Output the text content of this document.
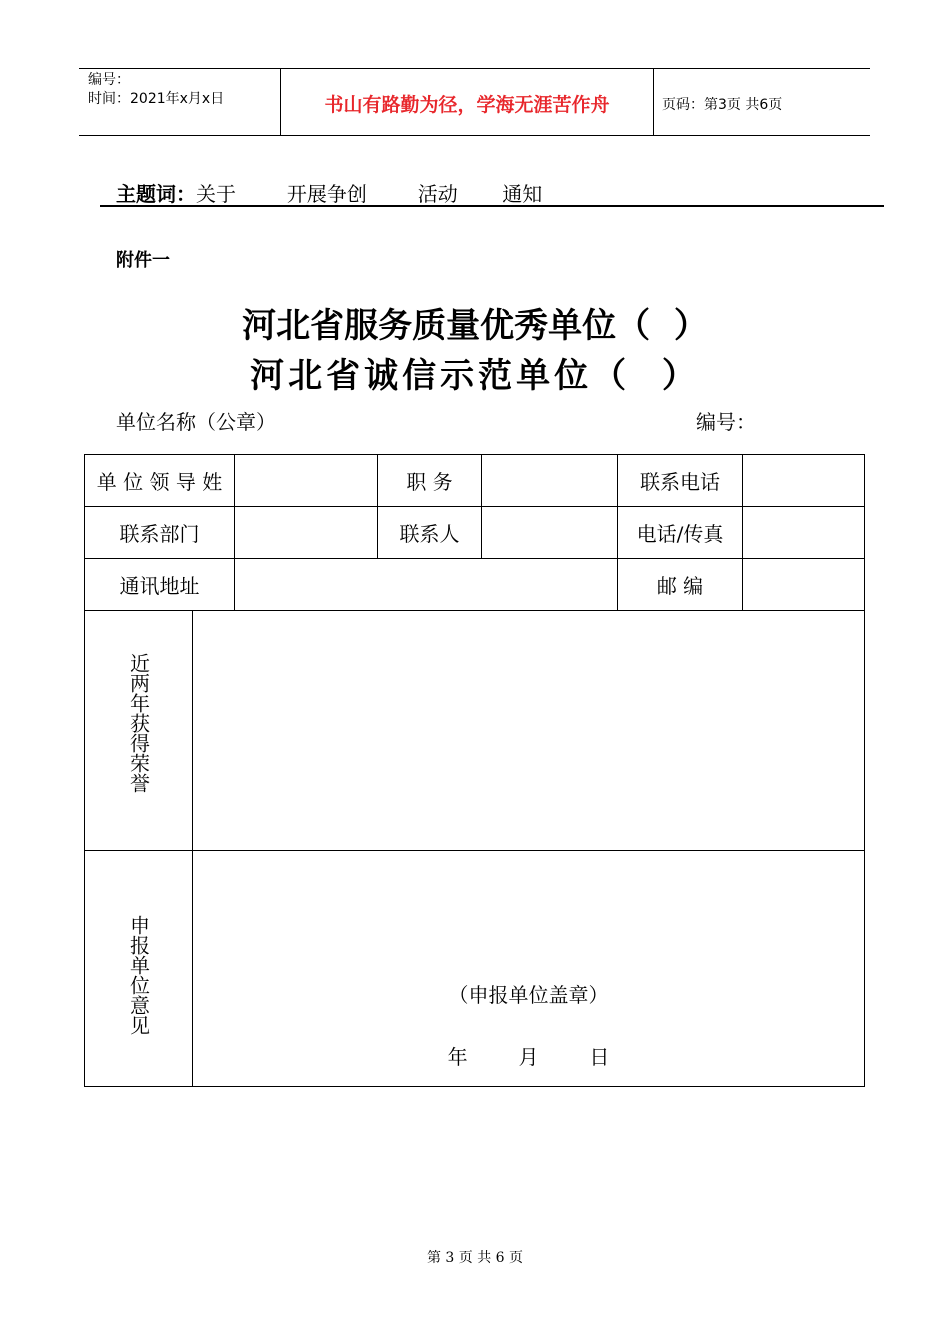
编号：
时间：2021年x月x日	书山有路勤为径，学海无涯苦作舟	页码：第3页 共6页
主题词：关于        开展争创        活动       通知
附件一
河北省服务质量优秀单位（  ）
河北省诚信示范单位（  ）
单位名称（公章）	编号：
单 位 领 导 姓			职 务		联系电话	
联系部门			联系人		电话/传真	
通讯地址					邮 编	
近两年获得荣誉						
申报单位意见	（申报单位盖章）
年        月        日					
第 3 页 共 6 页
